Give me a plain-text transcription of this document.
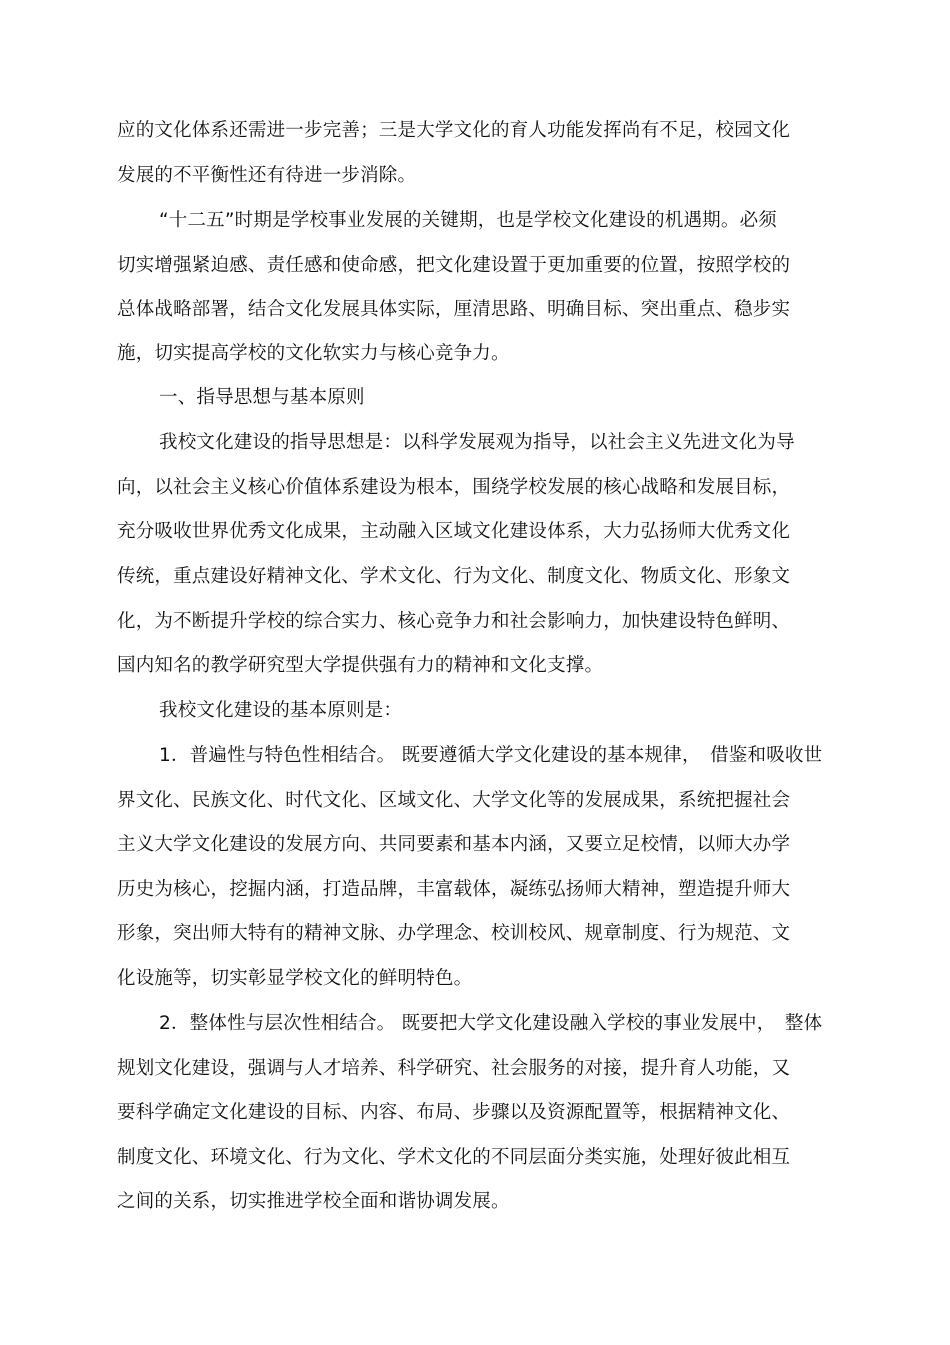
应的文化体系还需进一步完善；三是大学文化的育人功能发挥尚有不足，校园文化
发展的不平衡性还有待进一步消除。
“十二五”时期是学校事业发展的关键期，也是学校文化建设的机遇期。必须
切实增强紧迫感、责任感和使命感，把文化建设置于更加重要的位置，按照学校的
总体战略部署，结合文化发展具体实际，厘清思路、明确目标、突出重点、稳步实
施，切实提高学校的文化软实力与核心竞争力。
一、指导思想与基本原则
我校文化建设的指导思想是：以科学发展观为指导，以社会主义先进文化为导
向，以社会主义核心价值体系建设为根本，围绕学校发展的核心战略和发展目标，
充分吸收世界优秀文化成果，主动融入区域文化建设体系，大力弘扬师大优秀文化
传统，重点建设好精神文化、学术文化、行为文化、制度文化、物质文化、形象文
化，为不断提升学校的综合实力、核心竞争力和社会影响力，加快建设特色鲜明、
国内知名的教学研究型大学提供强有力的精神和文化支撑。
我校文化建设的基本原则是：
1．普遍性与特色性相结合。 既要遵循大学文化建设的基本规律，　借鉴和吸收世
界文化、民族文化、时代文化、区域文化、大学文化等的发展成果，系统把握社会
主义大学文化建设的发展方向、共同要素和基本内涵，又要立足校情，以师大办学
历史为核心，挖掘内涵，打造品牌，丰富载体，凝练弘扬师大精神，塑造提升师大
形象，突出师大特有的精神文脉、办学理念、校训校风、规章制度、行为规范、文
化设施等，切实彰显学校文化的鲜明特色。
2．整体性与层次性相结合。 既要把大学文化建设融入学校的事业发展中，　整体
规划文化建设，强调与人才培养、科学研究、社会服务的对接，提升育人功能，又
要科学确定文化建设的目标、内容、布局、步骤以及资源配置等，根据精神文化、
制度文化、环境文化、行为文化、学术文化的不同层面分类实施，处理好彼此相互
之间的关系，切实推进学校全面和谐协调发展。
